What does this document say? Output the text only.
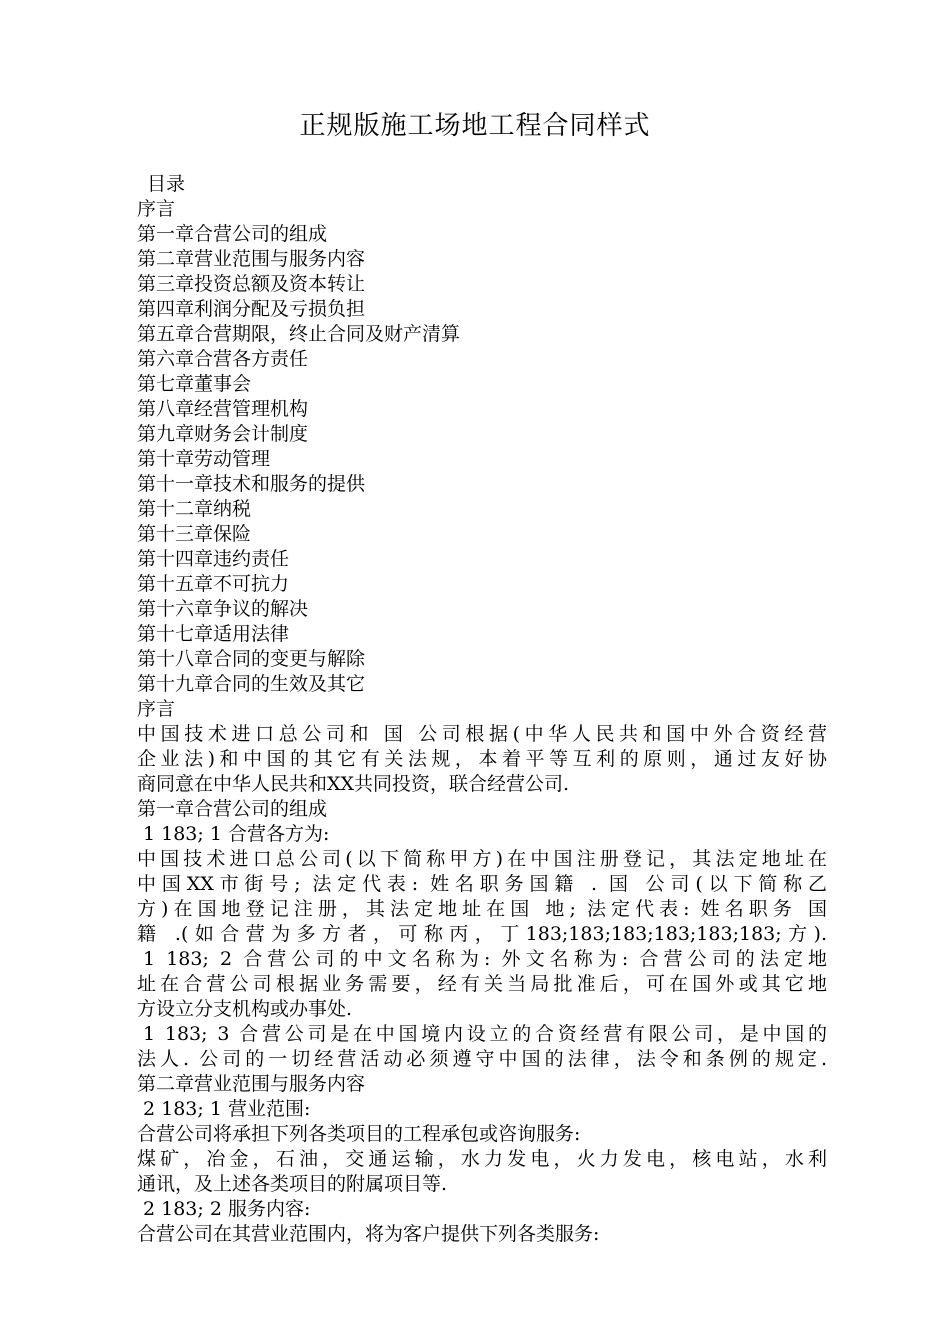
正规版施工场地工程合同样式
目录
序言
第一章合营公司的组成
第二章营业范围与服务内容
第三章投资总额及资本转让
第四章利润分配及亏损负担
第五章合营期限，终止合同及财产清算
第六章合营各方责任
第七章董事会
第八章经营管理机构
第九章财务会计制度
第十章劳动管理
第十一章技术和服务的提供
第十二章纳税
第十三章保险
第十四章违约责任
第十五章不可抗力
第十六章争议的解决
第十七章适用法律
第十八章合同的变更与解除
第十九章合同的生效及其它
序言
中国技术进口总公司和 国 公司根据(中华人民共和国中外合资经营
企业法)和中国的其它有关法规，本着平等互利的原则，通过友好协
商同意在中华人民共和XX共同投资，联合经营公司.
第一章合营公司的组成
1 183; 1 合营各方为:
中国技术进口总公司(以下简称甲方)在中国注册登记，其法定地址在
中国XX市街号; 法定代表: 姓名职务国籍 . 国 公司(以下简称乙
方)在国地登记注册，其法定地址在国 地; 法定代表: 姓名职务 国
籍 .(如合营为多方者，可称丙，丁183;183;183;183;183;183;方).
1 183; 2 合营公司的中文名称为: 外文名称为: 合营公司的法定地
址在合营公司根据业务需要，经有关当局批准后，可在国外或其它地
方设立分支机构或办事处.
1 183; 3 合营公司是在中国境内设立的合资经营有限公司，是中国的
法人. 公司的一切经营活动必须遵守中国的法律，法令和条例的规定.
第二章营业范围与服务内容
2 183; 1 营业范围:
合营公司将承担下列各类项目的工程承包或咨询服务:
煤矿，冶金，石油，交通运输，水力发电，火力发电，核电站，水利
通讯，及上述各类项目的附属项目等.
2 183; 2 服务内容:
合营公司在其营业范围内，将为客户提供下列各类服务:
